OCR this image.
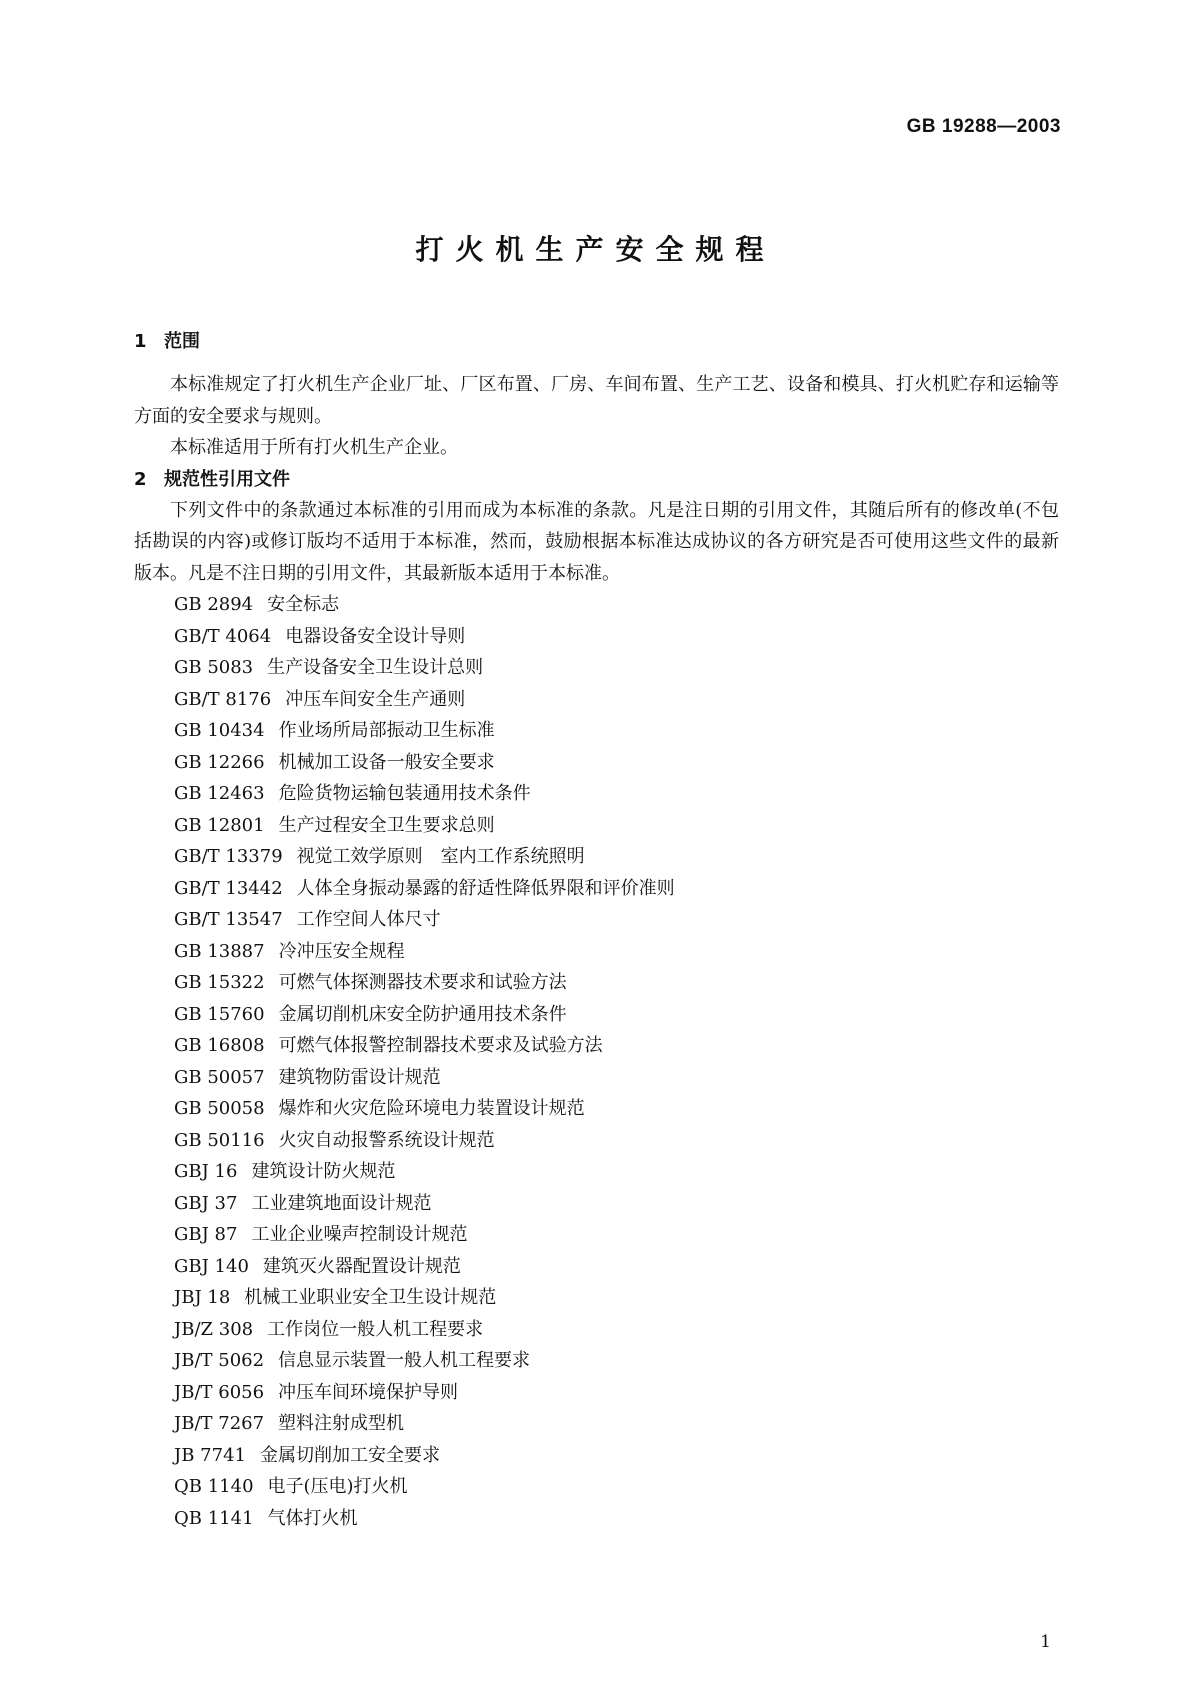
GB 19288—2003
打火机生产安全规程
1 范围

本标准规定了打火机生产企业厂址、厂区布置、厂房、车间布置、生产工艺、设备和模具、打火机贮存和运输等方面的安全要求与规则。

本标准适用于所有打火机生产企业。

2 规范性引用文件

下列文件中的条款通过本标准的引用而成为本标准的条款。凡是注日期的引用文件，其随后所有的修改单(不包括勘误的内容)或修订版均不适用于本标准，然而，鼓励根据本标准达成协议的各方研究是否可使用这些文件的最新版本。凡是不注日期的引用文件，其最新版本适用于本标准。

GB 2894 安全标志
GB/T 4064 电器设备安全设计导则
GB 5083 生产设备安全卫生设计总则
GB/T 8176 冲压车间安全生产通则
GB 10434 作业场所局部振动卫生标准
GB 12266 机械加工设备一般安全要求
GB 12463 危险货物运输包装通用技术条件
GB 12801 生产过程安全卫生要求总则
GB/T 13379 视觉工效学原则　室内工作系统照明
GB/T 13442 人体全身振动暴露的舒适性降低界限和评价准则
GB/T 13547 工作空间人体尺寸
GB 13887 冷冲压安全规程
GB 15322 可燃气体探测器技术要求和试验方法
GB 15760 金属切削机床安全防护通用技术条件
GB 16808 可燃气体报警控制器技术要求及试验方法
GB 50057 建筑物防雷设计规范
GB 50058 爆炸和火灾危险环境电力装置设计规范
GB 50116 火灾自动报警系统设计规范
GBJ 16 建筑设计防火规范
GBJ 37 工业建筑地面设计规范
GBJ 87 工业企业噪声控制设计规范
GBJ 140 建筑灭火器配置设计规范
JBJ 18 机械工业职业安全卫生设计规范
JB/Z 308 工作岗位一般人机工程要求
JB/T 5062 信息显示装置一般人机工程要求
JB/T 6056 冲压车间环境保护导则
JB/T 7267 塑料注射成型机
JB 7741 金属切削加工安全要求
QB 1140 电子(压电)打火机
QB 1141 气体打火机
1
